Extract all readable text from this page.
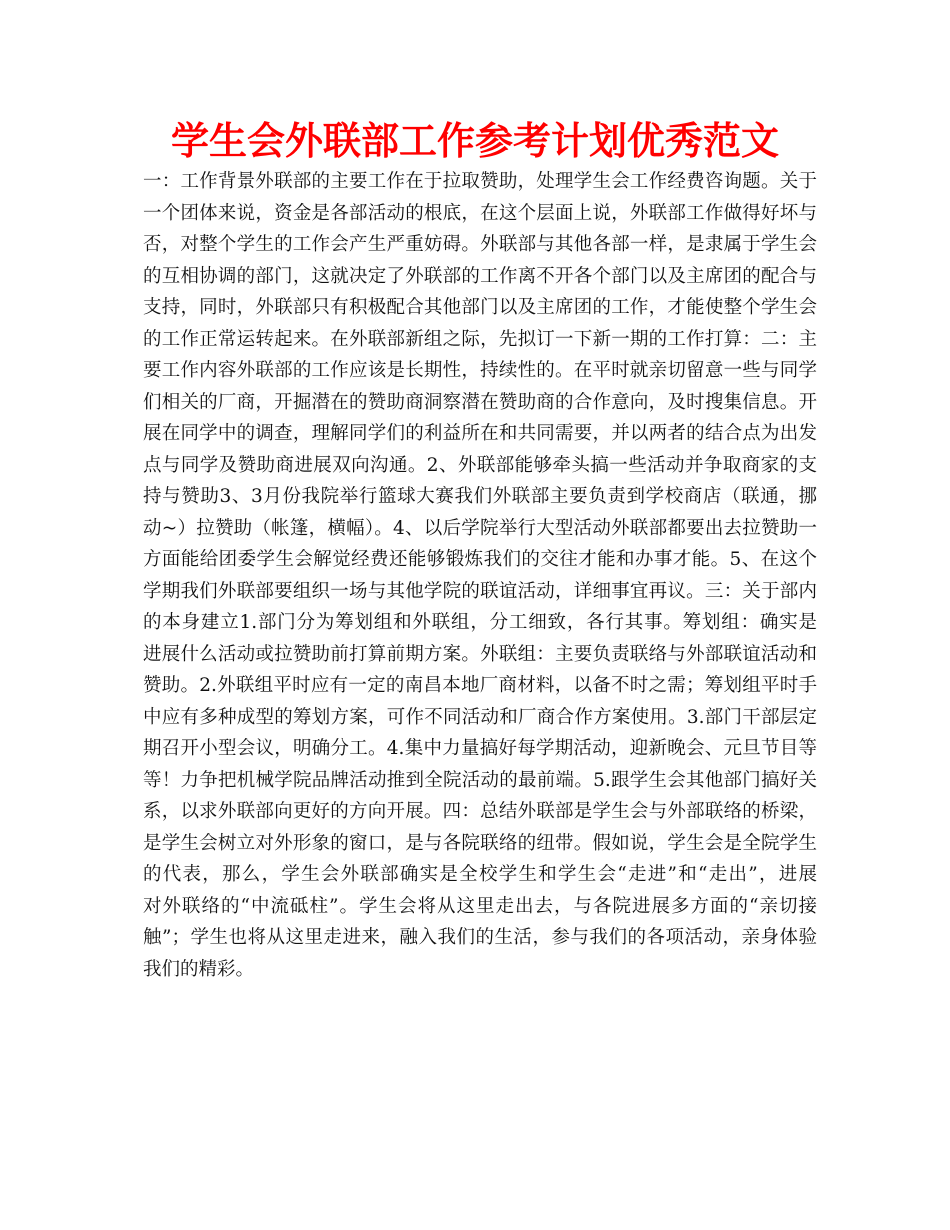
学生会外联部工作参考计划优秀范文
一：工作背景外联部的主要工作在于拉取赞助，处理学生会工作经费咨询题。关于
一个团体来说，资金是各部活动的根底，在这个层面上说，外联部工作做得好坏与
否，对整个学生的工作会产生严重妨碍。外联部与其他各部一样，是隶属于学生会
的互相协调的部门，这就决定了外联部的工作离不开各个部门以及主席团的配合与
支持，同时，外联部只有积极配合其他部门以及主席团的工作，才能使整个学生会
的工作正常运转起来。在外联部新组之际，先拟订一下新一期的工作打算：二：主
要工作内容外联部的工作应该是长期性，持续性的。在平时就亲切留意一些与同学
们相关的厂商，开掘潜在的赞助商洞察潜在赞助商的合作意向，及时搜集信息。开
展在同学中的调查，理解同学们的利益所在和共同需要，并以两者的结合点为出发
点与同学及赞助商进展双向沟通。2、外联部能够牵头搞一些活动并争取商家的支
持与赞助3、3月份我院举行篮球大赛我们外联部主要负责到学校商店（联通，挪
动~）拉赞助（帐篷，横幅）。4、以后学院举行大型活动外联部都要出去拉赞助一
方面能给团委学生会解觉经费还能够锻炼我们的交往才能和办事才能。5、在这个
学期我们外联部要组织一场与其他学院的联谊活动，详细事宜再议。三：关于部内
的本身建立1.部门分为筹划组和外联组，分工细致，各行其事。筹划组：确实是
进展什么活动或拉赞助前打算前期方案。外联组：主要负责联络与外部联谊活动和
赞助。2.外联组平时应有一定的南昌本地厂商材料，以备不时之需；筹划组平时手
中应有多种成型的筹划方案，可作不同活动和厂商合作方案使用。3.部门干部层定
期召开小型会议，明确分工。4.集中力量搞好每学期活动，迎新晚会、元旦节目等
等！力争把机械学院品牌活动推到全院活动的最前端。5.跟学生会其他部门搞好关
系，以求外联部向更好的方向开展。四：总结外联部是学生会与外部联络的桥梁，
是学生会树立对外形象的窗口，是与各院联络的纽带。假如说，学生会是全院学生
的代表，那么，学生会外联部确实是全校学生和学生会“走进”和“走出”，进展
对外联络的“中流砥柱”。学生会将从这里走出去，与各院进展多方面的“亲切接
触”；学生也将从这里走进来，融入我们的生活，参与我们的各项活动，亲身体验
我们的精彩。
